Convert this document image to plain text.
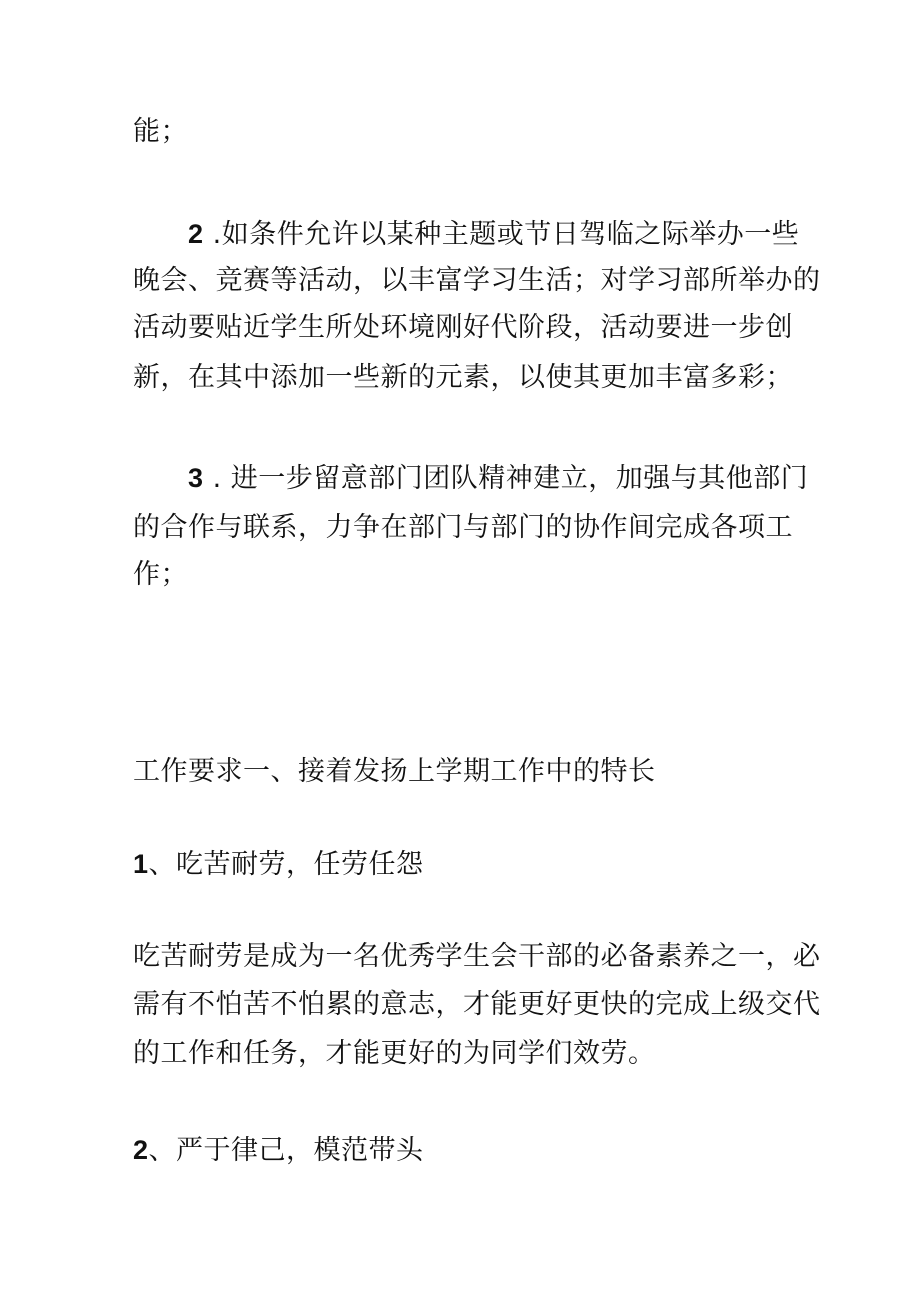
能；
2 .如条件允许以某种主题或节日驾临之际举办一些
晚会、竞赛等活动，以丰富学习生活；对学习部所举办的
活动要贴近学生所处环境刚好代阶段，活动要进一步创
新，在其中添加一些新的元素，以使其更加丰富多彩；
3 . 进一步留意部门团队精神建立，加强与其他部门
的合作与联系，力争在部门与部门的协作间完成各项工
作；
工作要求一、接着发扬上学期工作中的特长
1、吃苦耐劳，任劳任怨
吃苦耐劳是成为一名优秀学生会干部的必备素养之一，必
需有不怕苦不怕累的意志，才能更好更快的完成上级交代
的工作和任务，才能更好的为同学们效劳。
2、严于律己，模范带头
